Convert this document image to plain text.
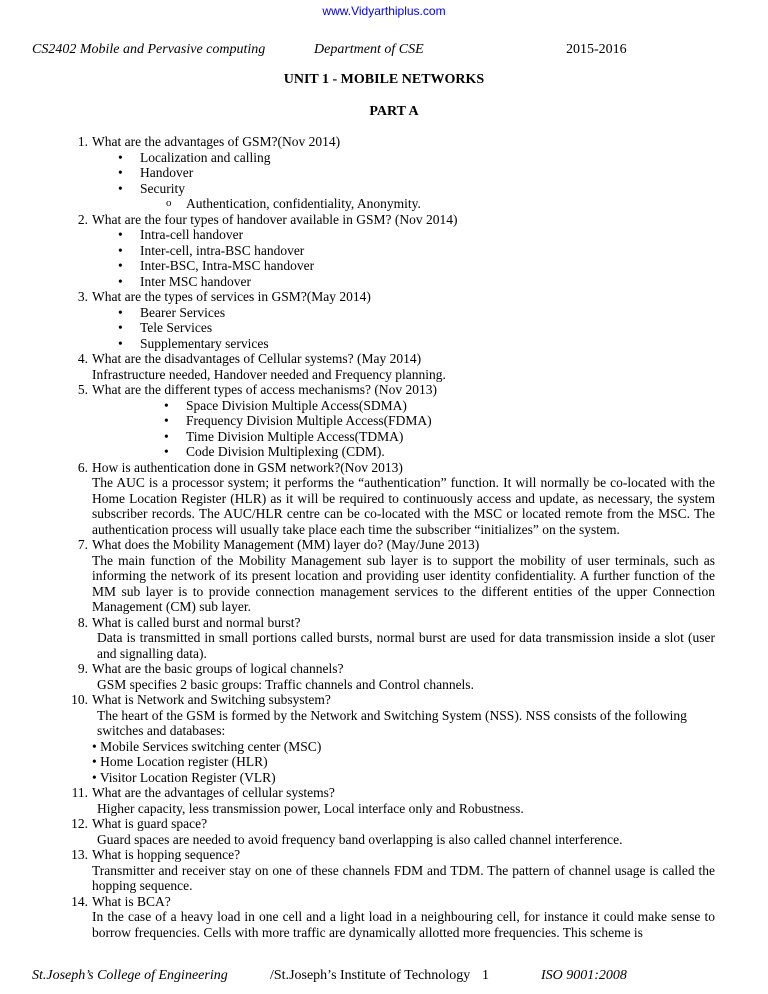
www.Vidyarthiplus.com
CS2402 Mobile and Pervasive computing	Department of CSE	2015-2016
UNIT 1 - MOBILE NETWORKS
PART A
1. What are the advantages of GSM?(Nov 2014)
• Localization and calling
• Handover
• Security
o Authentication, confidentiality, Anonymity.
2. What are the four types of handover available in GSM? (Nov 2014)
• Intra-cell handover
• Inter-cell, intra-BSC handover
• Inter-BSC, Intra-MSC handover
• Inter MSC handover
3. What are the types of services in GSM?(May 2014)
• Bearer Services
• Tele Services
• Supplementary services
4. What are the disadvantages of Cellular systems? (May 2014)
Infrastructure needed, Handover needed and Frequency planning.
5. What are the different types of access mechanisms? (Nov 2013)
• Space Division Multiple Access(SDMA)
• Frequency Division Multiple Access(FDMA)
• Time Division Multiple Access(TDMA)
• Code Division Multiplexing (CDM).
6. How is authentication done in GSM network?(Nov 2013)
The AUC is a processor system; it performs the “authentication” function. It will normally be co-located with the Home Location Register (HLR) as it will be required to continuously access and update, as necessary, the system subscriber records. The AUC/HLR centre can be co-located with the MSC or located remote from the MSC. The authentication process will usually take place each time the subscriber “initializes” on the system.
7. What does the Mobility Management (MM) layer do? (May/June 2013)
The main function of the Mobility Management sub layer is to support the mobility of user terminals, such as informing the network of its present location and providing user identity confidentiality. A further function of the MM sub layer is to provide connection management services to the different entities of the upper Connection Management (CM) sub layer.
8. What is called burst and normal burst?
Data is transmitted in small portions called bursts, normal burst are used for data transmission inside a slot (user and signalling data).
9. What are the basic groups of logical channels?
GSM specifies 2 basic groups: Traffic channels and Control channels.
10. What is Network and Switching subsystem?
The heart of the GSM is formed by the Network and Switching System (NSS). NSS consists of the following switches and databases:
• Mobile Services switching center (MSC)
• Home Location register (HLR)
• Visitor Location Register (VLR)
11. What are the advantages of cellular systems?
Higher capacity, less transmission power, Local interface only and Robustness.
12. What is guard space?
Guard spaces are needed to avoid frequency band overlapping is also called channel interference.
13. What is hopping sequence?
Transmitter and receiver stay on one of these channels FDM and TDM. The pattern of channel usage is called the hopping sequence.
14. What is BCA?
In the case of a heavy load in one cell and a light load in a neighbouring cell, for instance it could make sense to borrow frequencies. Cells with more traffic are dynamically allotted more frequencies. This scheme is
St.Joseph’s College of Engineering	/St.Joseph’s Institute of Technology 1	ISO 9001:2008
